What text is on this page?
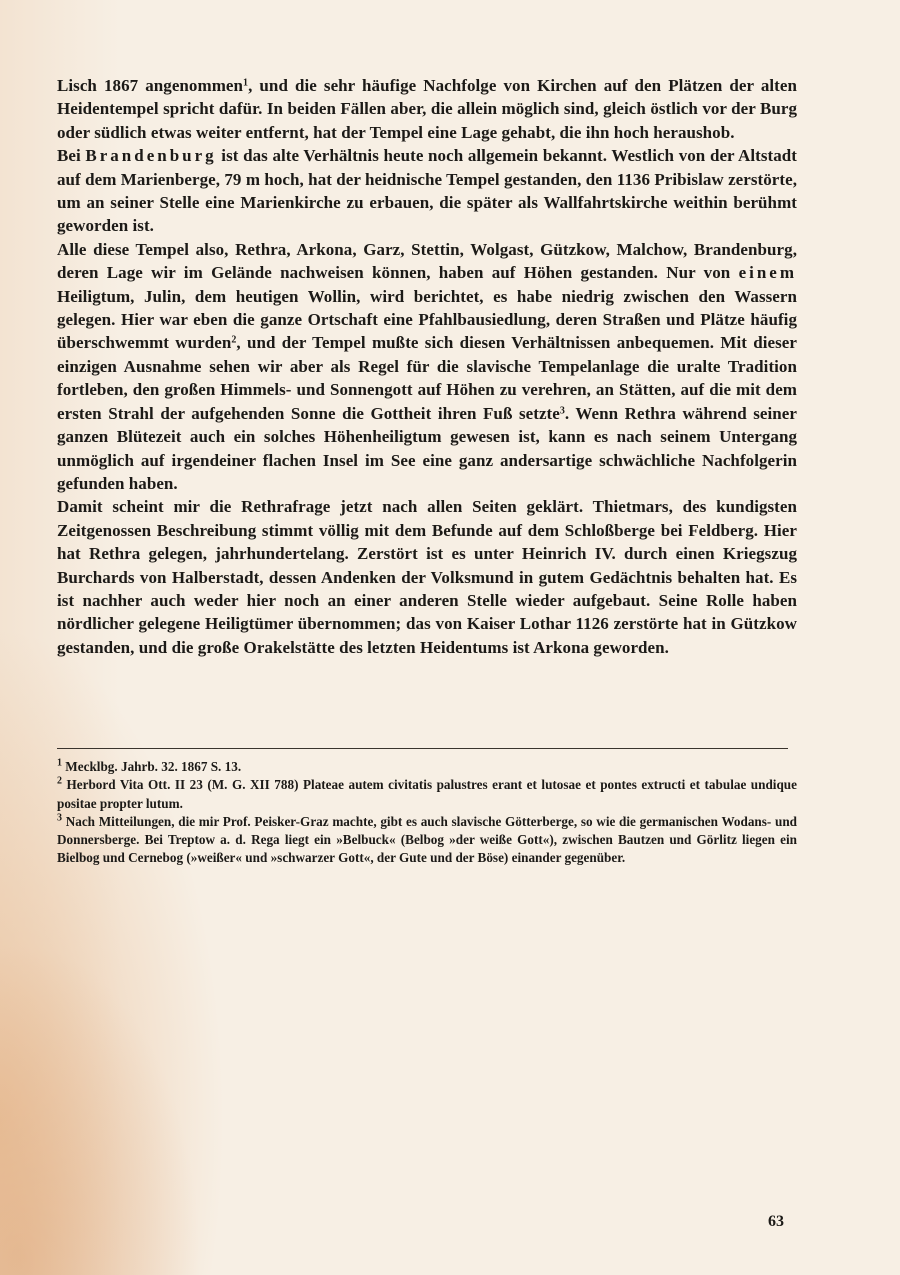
Lisch 1867 angenommen$^1$, und die sehr häufige Nachfolge von Kirchen auf den Plätzen der alten Heidentempel spricht dafür. In beiden Fällen aber, die allein möglich sind, gleich östlich vor der Burg oder südlich etwas weiter entfernt, hat der Tempel eine Lage gehabt, die ihn hoch heraushob.

Bei Brandenburg ist das alte Verhältnis heute noch allgemein bekannt. Westlich von der Altstadt auf dem Marienberge, 79 m hoch, hat der heidnische Tempel gestanden, den 1136 Pribislaw zerstörte, um an seiner Stelle eine Marienkirche zu erbauen, die später als Wallfahrtskirche weithin berühmt geworden ist.

Alle diese Tempel also, Rethra, Arkona, Garz, Stettin, Wolgast, Gützkow, Malchow, Brandenburg, deren Lage wir im Gelände nachweisen können, haben auf Höhen gestanden. Nur von einem Heiligtum, Julin, dem heutigen Wollin, wird berichtet, es habe niedrig zwischen den Wassern gelegen. Hier war eben die ganze Ortschaft eine Pfahlbausiedlung, deren Straßen und Plätze häufig überschwemmt wurden$^2$, und der Tempel mußte sich diesen Verhältnissen anbequemen. Mit dieser einzigen Ausnahme sehen wir aber als Regel für die slavische Tempelanlage die uralte Tradition fortleben, den großen Himmels- und Sonnengott auf Höhen zu verehren, an Stätten, auf die mit dem ersten Strahl der aufgehenden Sonne die Gottheit ihren Fuß setzte$^3$. Wenn Rethra während seiner ganzen Blütezeit auch ein solches Höhenheiligtum gewesen ist, kann es nach seinem Untergang unmöglich auf irgendeiner flachen Insel im See eine ganz andersartige schwächliche Nachfolgerin gefunden haben.

Damit scheint mir die Rethrafrage jetzt nach allen Seiten geklärt. Thietmars, des kundigsten Zeitgenossen Beschreibung stimmt völlig mit dem Befunde auf dem Schloßberge bei Feldberg. Hier hat Rethra gelegen, jahrhundertelang. Zerstört ist es unter Heinrich IV. durch einen Kriegszug Burchards von Halberstadt, dessen Andenken der Volksmund in gutem Gedächtnis behalten hat. Es ist nachher auch weder hier noch an einer anderen Stelle wieder aufgebaut. Seine Rolle haben nördlicher gelegene Heiligtümer übernommen; das von Kaiser Lothar 1126 zerstörte hat in Gützkow gestanden, und die große Orakelstätte des letzten Heidentums ist Arkona geworden.

$^1$ Mecklbg. Jahrb. 32. 1867 S. 13.

$^2$ Herbord Vita Ott. II 23 (M. G. XII 788) Plateae autem civitatis palustres erant et lutosae et pontes extructi et tabulae undique positae propter lutum.

$^3$ Nach Mitteilungen, die mir Prof. Peisker-Graz machte, gibt es auch slavische Götterberge, so wie die germanischen Wodans- und Donnersberge. Bei Treptow a. d. Rega liegt ein »Belbuck« (Belbog »der weiße Gott«), zwischen Bautzen und Görlitz liegen ein Bielbog und Cernebog (»weißer« und »schwarzer Gott«, der Gute und der Böse) einander gegenüber.

63
